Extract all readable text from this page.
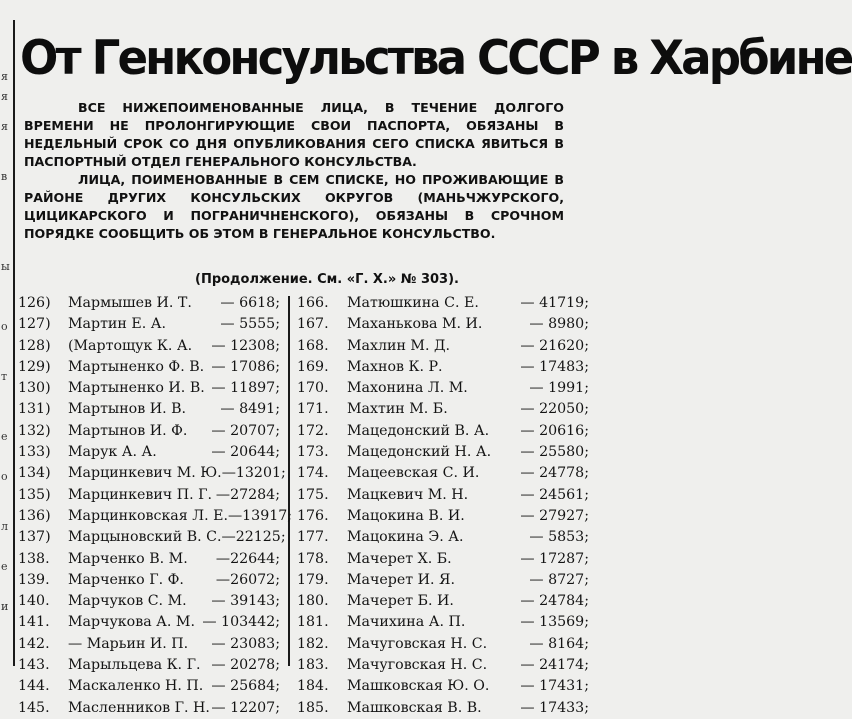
я
я
я
в
ы
о
т
е
о
л
е
и
От Генконсульства СССР в Харбине

ВСЕ НИЖЕПОИМЕНОВАННЫЕ ЛИЦА, В ТЕЧЕНИЕ ДОЛГОГО ВРЕМЕНИ НЕ ПРОЛОНГИРУЮЩИЕ СВОИ ПАСПОРТА, ОБЯЗАНЫ В НЕДЕЛЬНЫЙ СРОК СО ДНЯ ОПУБЛИКОВАНИЯ СЕГО СПИСКА ЯВИТЬСЯ В ПАСПОРТНЫЙ ОТДЕЛ ГЕНЕРАЛЬНОГО КОНСУЛЬСТВА.

ЛИЦА, ПОИМЕНОВАННЫЕ В СЕМ СПИСКЕ, НО ПРОЖИВАЮЩИЕ В РАЙОНЕ ДРУГИХ КОНСУЛЬСКИХ ОКРУГОВ (МАНЬЧЖУРСКОГО, ЦИЦИКАРСКОГО И ПОГРАНИЧНЕНСКОГО), ОБЯЗАНЫ В СРОЧНОМ ПОРЯДКЕ СООБЩИТЬ ОБ ЭТОМ В ГЕНЕРАЛЬНОЕ КОНСУЛЬСТВО.

(Продолжение. См. «Г. Х.» № 303).
126)	Мармышев И. Т.	— 6618;
127)	Мартин Е. А.	— 5555;
128)	(Мартощук К. А.	— 12308;
129)	Мартыненко Ф. В. — 17086;
130)	Мартыненко И. В. — 11897;
131)	Мартынов И. В.	— 8491;
132)	Мартынов И. Ф.	— 20707;
133)	Марук А. А.	— 20644;
134)	Марцинкевич М. Ю. —13201;
135)	Марцинкевич П. Г. —27284;
136)	Марцинковская Л. Е. —13917;
137)	Марцыновский В. С. —22125;
138.	Марченко В. М.	—22644;
139.	Марченко Г. Ф.	—26072;
140.	Марчуков С. М.	— 39143;
141.	Марчукова А. М. — 103442;
142.	— Марьин И. П.	— 23083;
143.	Марыльцева К. Г. — 20278;
144.	Маскаленко Н. П. — 25684;
145.	Масленников Г. Н. — 12207;
166.	Матюшкина С. Е.	— 41719;
167.	Маханькова М. И.	— 8980;
168.	Махлин М. Д.	— 21620;
169.	Махнов К. Р.	— 17483;
170.	Махонина Л. М.	— 1991;
171.	Махтин М. Б.	— 22050;
172.	Мацедонский В. А.	— 20616;
173.	Мацедонский Н. А.	— 25580;
174.	Мацеевская С. И.	— 24778;
175.	Мацкевич М. Н.	— 24561;
176.	Мацокина В. И.	— 27927;
177.	Мацокина Э. А.	— 5853;
178.	Мачерет Х. Б.	— 17287;
179.	Мачерет И. Я.	— 8727;
180.	Мачерет Б. И.	— 24784;
181.	Мачихина А. П.	— 13569;
182.	Мачуговская Н. С.	— 8164;
183.	Мачуговская Н. С.	— 24174;
184.	Машковская Ю. О.	— 17431;
185.	Машковская В. В.	— 17433;
